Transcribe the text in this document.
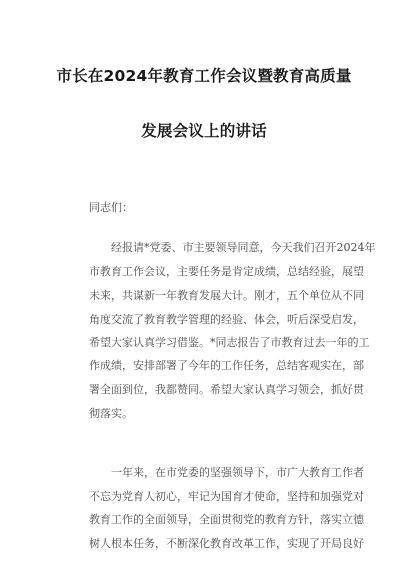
市长在2024年教育工作会议暨教育高质量
发展会议上的讲话
同志们：
经报请*党委、市主要领导同意，今天我们召开2024年
市教育工作会议，主要任务是肯定成绩，总结经验，展望
未来，共谋新一年教育发展大计。刚才，五个单位从不同
角度交流了教育教学管理的经验、体会，听后深受启发，
希望大家认真学习借鉴。*同志报告了市教育过去一年的工
作成绩，安排部署了今年的工作任务，总结客观实在，部
署全面到位，我都赞同。希望大家认真学习领会，抓好贯
彻落实。
一年来，在市党委的坚强领导下，市广大教育工作者
不忘为党育人初心，牢记为国育才使命，坚持和加强党对
教育工作的全面领导，全面贯彻党的教育方针，落实立德
树人根本任务，不断深化教育改革工作，实现了开局良好
